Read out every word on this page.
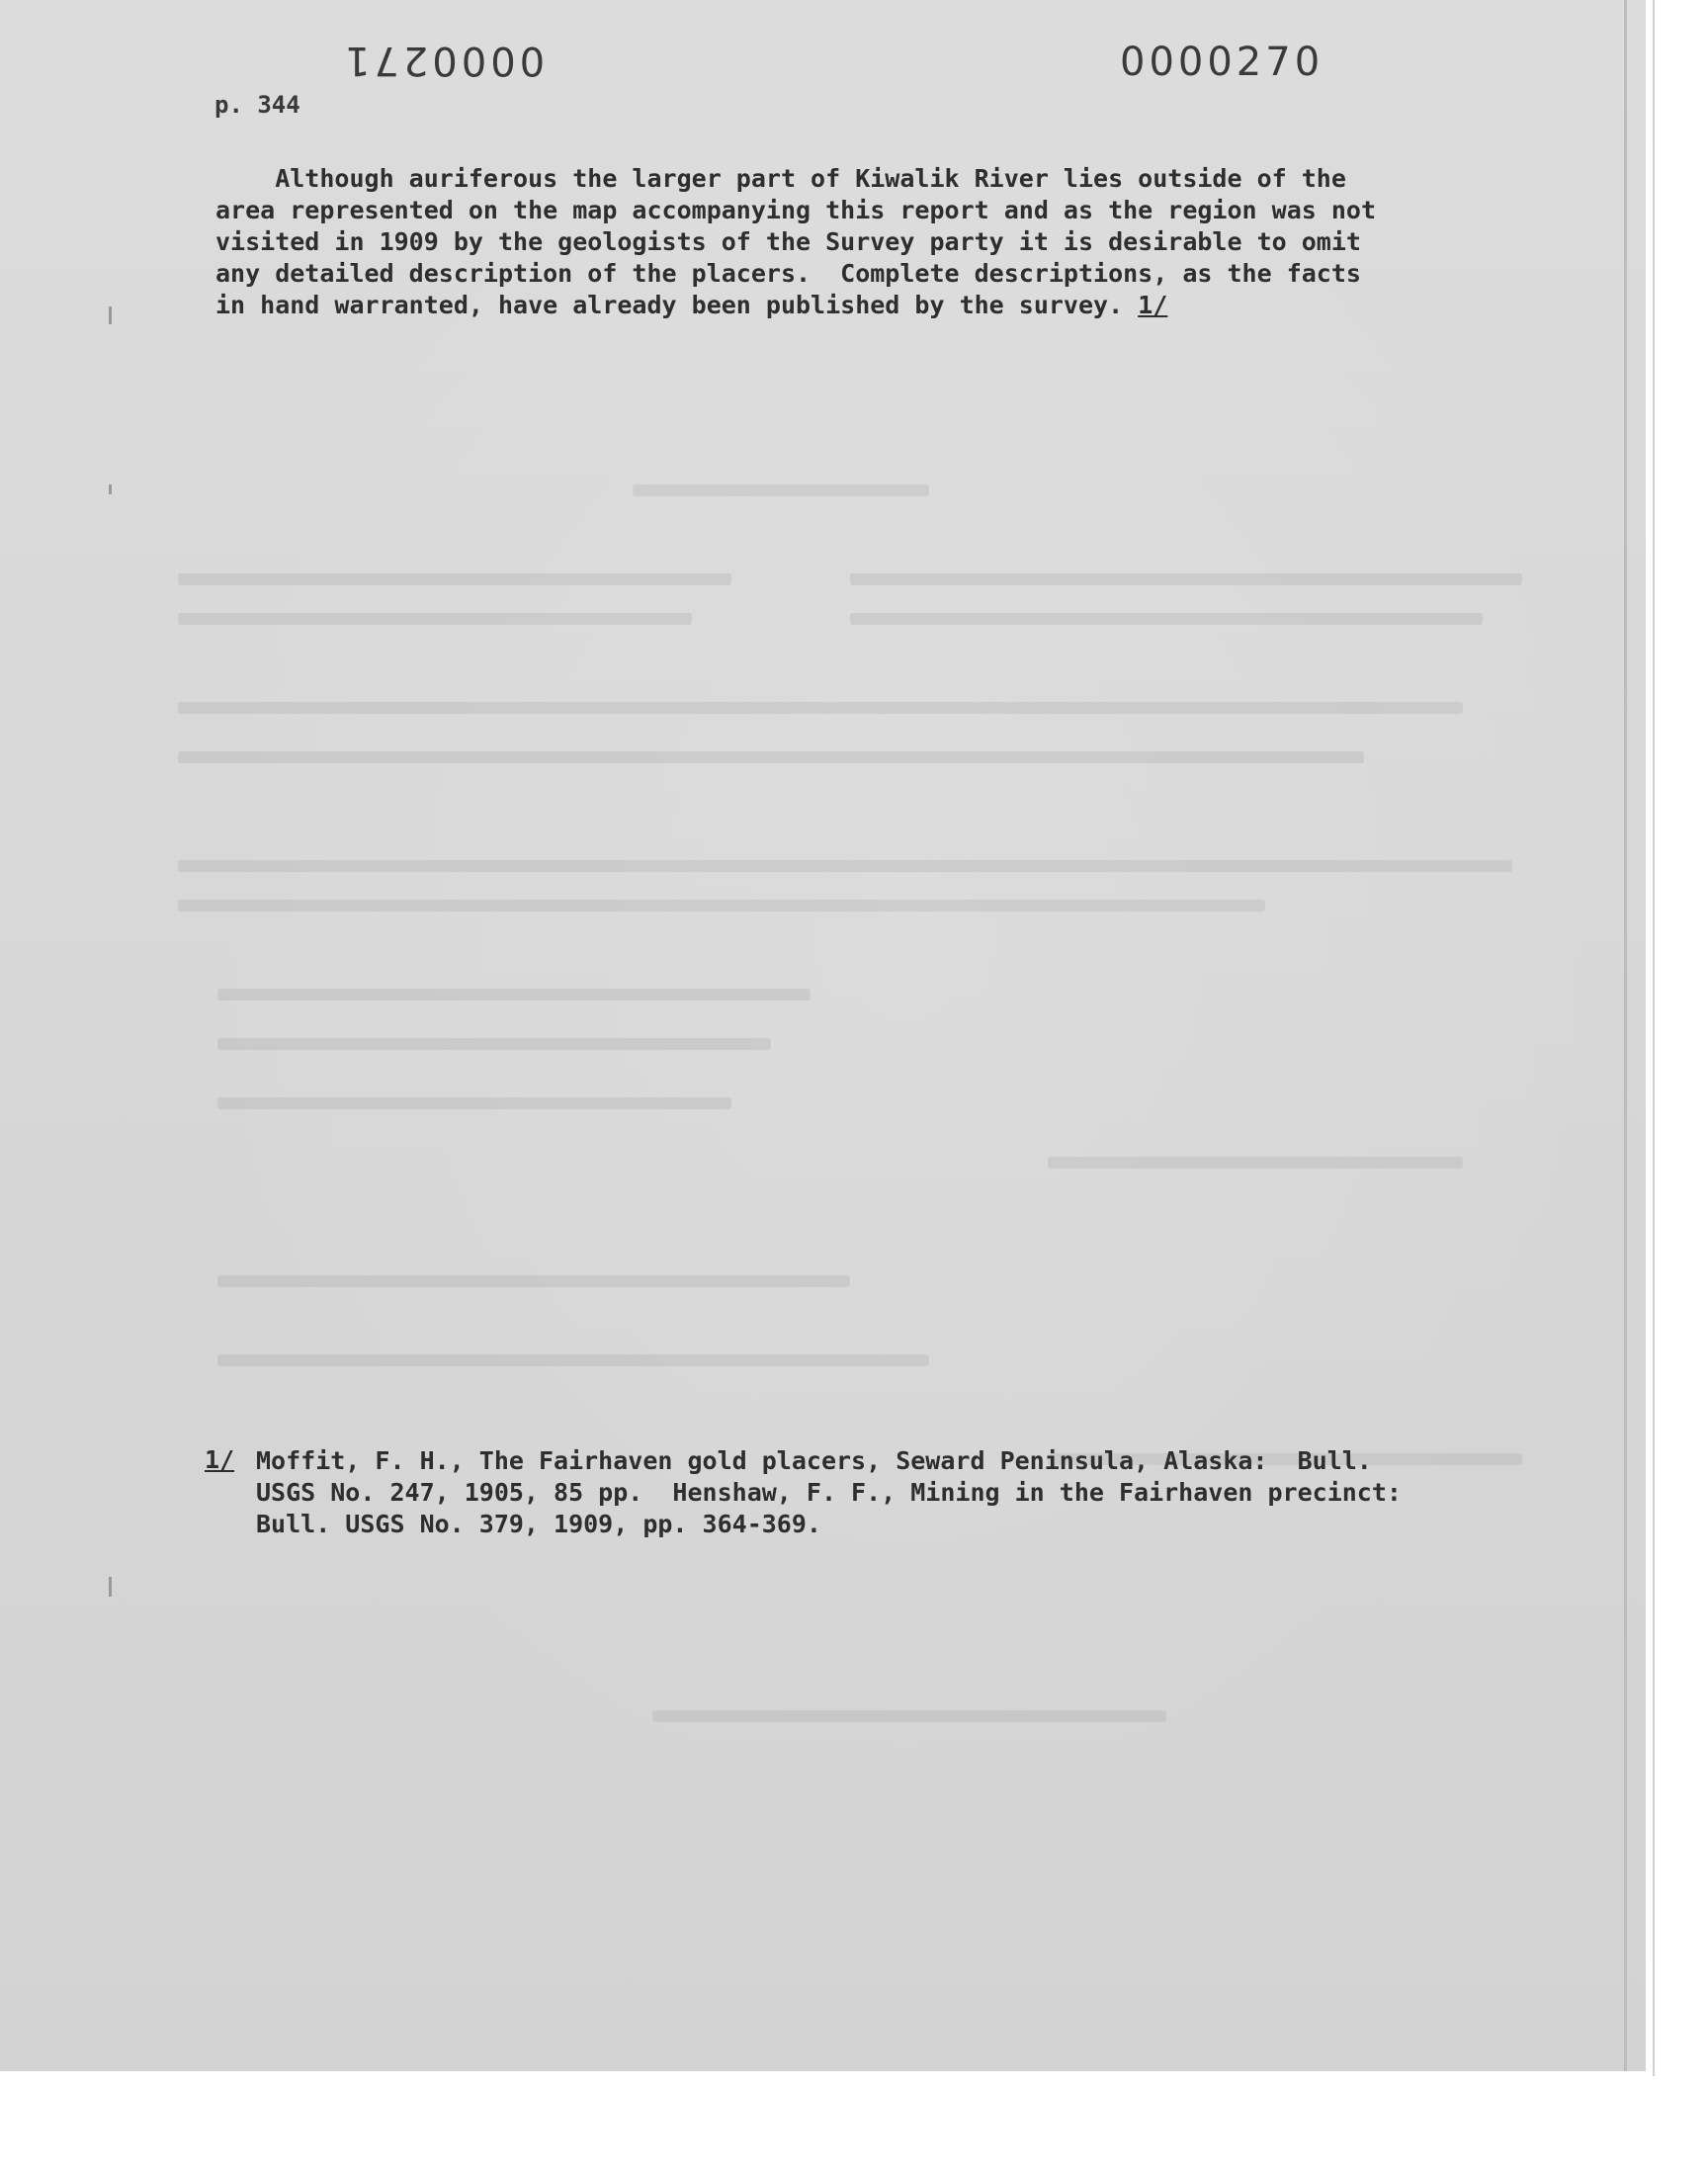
0000271	0000270
p. 344
Although auriferous the larger part of Kiwalik River lies outside of the
area represented on the map accompanying this report and as the region was not
visited in 1909 by the geologists of the Survey party it is desirable to omit
any detailed description of the placers.  Complete descriptions, as the facts
in hand warranted, have already been published by the survey. 1/
1/ Moffit, F. H., The Fairhaven gold placers, Seward Peninsula, Alaska:  Bull.
USGS No. 247, 1905, 85 pp.  Henshaw, F. F., Mining in the Fairhaven precinct:
Bull. USGS No. 379, 1909, pp. 364-369.
